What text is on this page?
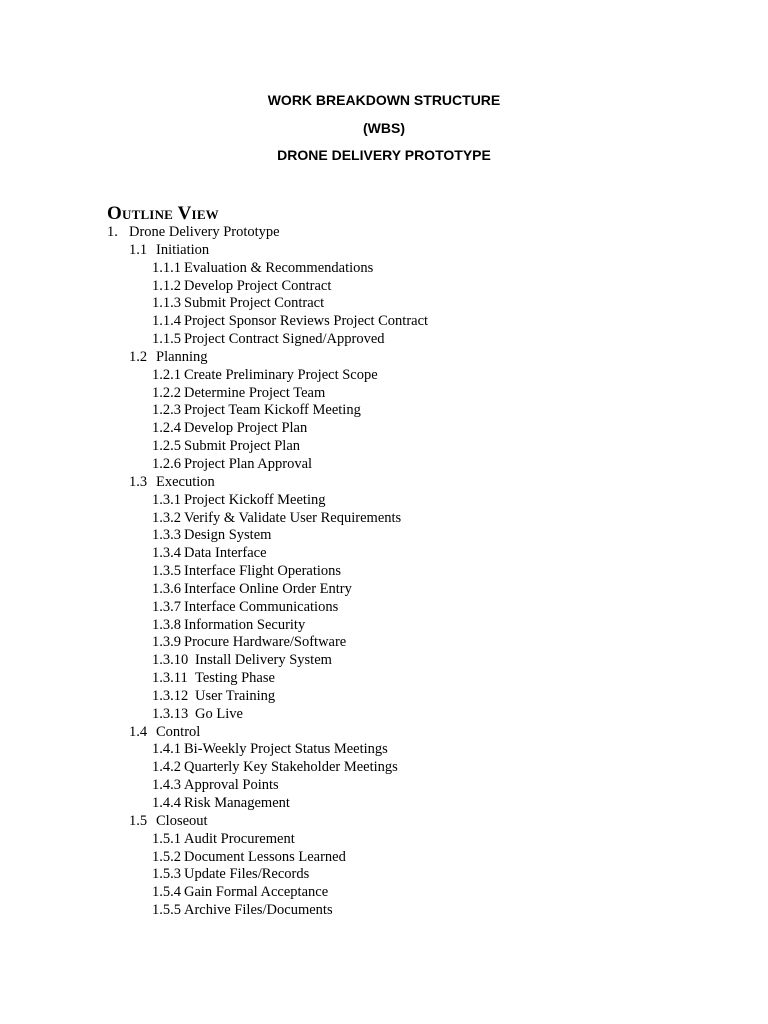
WORK BREAKDOWN STRUCTURE
(WBS)
DRONE DELIVERY PROTOTYPE
Outline View
1. Drone Delivery Prototype
1.1 Initiation
1.1.1 Evaluation & Recommendations
1.1.2 Develop Project Contract
1.1.3 Submit Project Contract
1.1.4 Project Sponsor Reviews Project Contract
1.1.5 Project Contract Signed/Approved
1.2 Planning
1.2.1 Create Preliminary Project Scope
1.2.2 Determine Project Team
1.2.3 Project Team Kickoff Meeting
1.2.4 Develop Project Plan
1.2.5 Submit Project Plan
1.2.6 Project Plan Approval
1.3 Execution
1.3.1 Project Kickoff Meeting
1.3.2 Verify & Validate User Requirements
1.3.3 Design System
1.3.4 Data Interface
1.3.5 Interface Flight Operations
1.3.6 Interface Online Order Entry
1.3.7 Interface Communications
1.3.8 Information Security
1.3.9 Procure Hardware/Software
1.3.10 Install Delivery System
1.3.11 Testing Phase
1.3.12 User Training
1.3.13 Go Live
1.4 Control
1.4.1 Bi-Weekly Project Status Meetings
1.4.2 Quarterly Key Stakeholder Meetings
1.4.3 Approval Points
1.4.4 Risk Management
1.5 Closeout
1.5.1 Audit Procurement
1.5.2 Document Lessons Learned
1.5.3 Update Files/Records
1.5.4 Gain Formal Acceptance
1.5.5 Archive Files/Documents
